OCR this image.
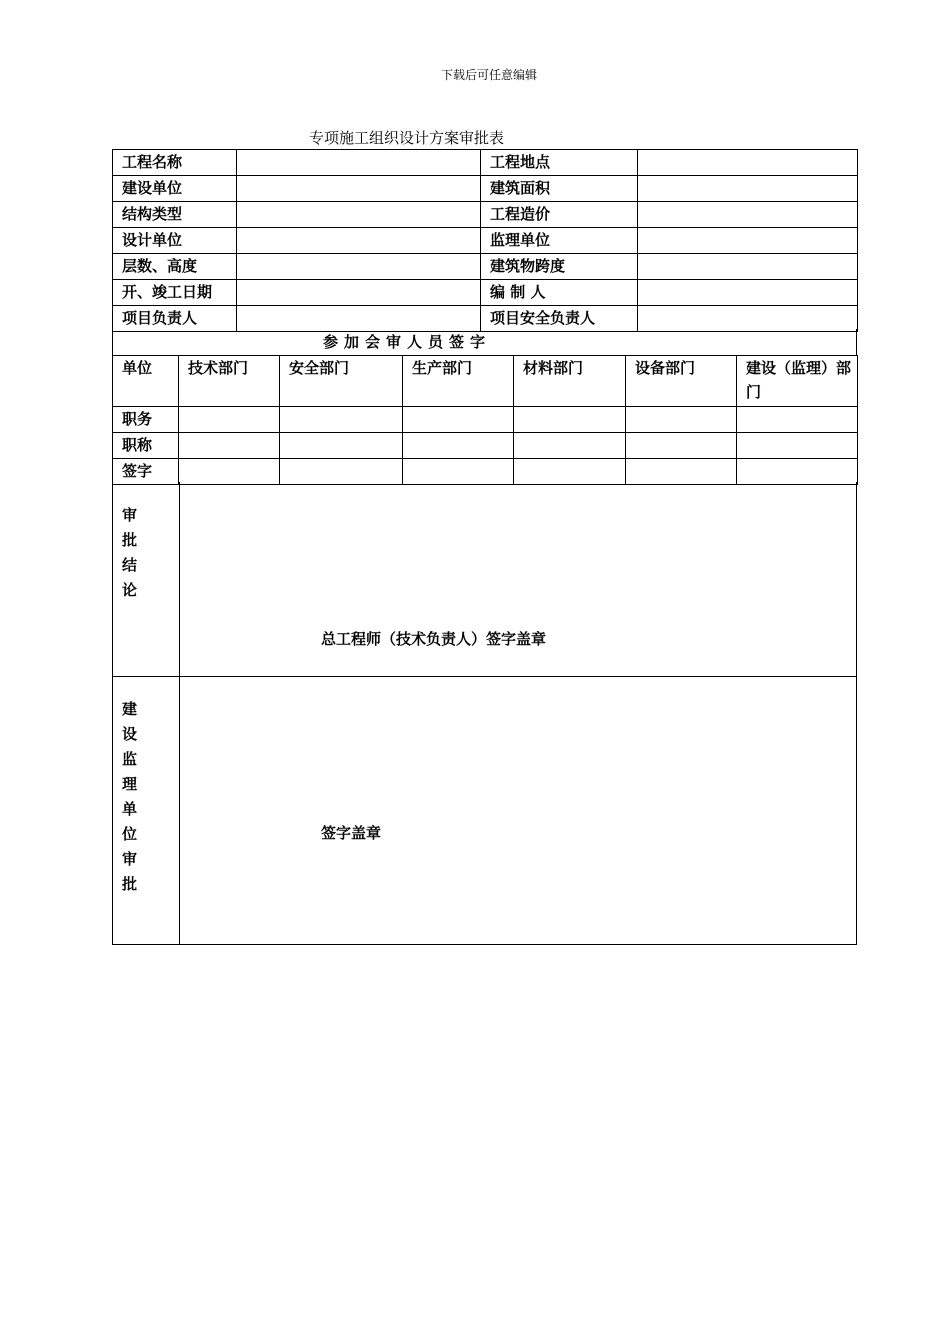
下载后可任意编辑
专项施工组织设计方案审批表
工程名称		工程地点	
建设单位		建筑面积	
结构类型		工程造价	
设计单位		监理单位	
层数、高度		建筑物跨度	
开、竣工日期		编 制 人	
项目负责人		项目安全负责人	
参加会审人员签字
单位	技术部门	安全部门	生产部门	材料部门	设备部门	建设（监理）部门
职务						
职称						
签字						
审
批
结
论
总工程师（技术负责人）签字盖章
建
设
监
理
单
位
审
批
签字盖章
